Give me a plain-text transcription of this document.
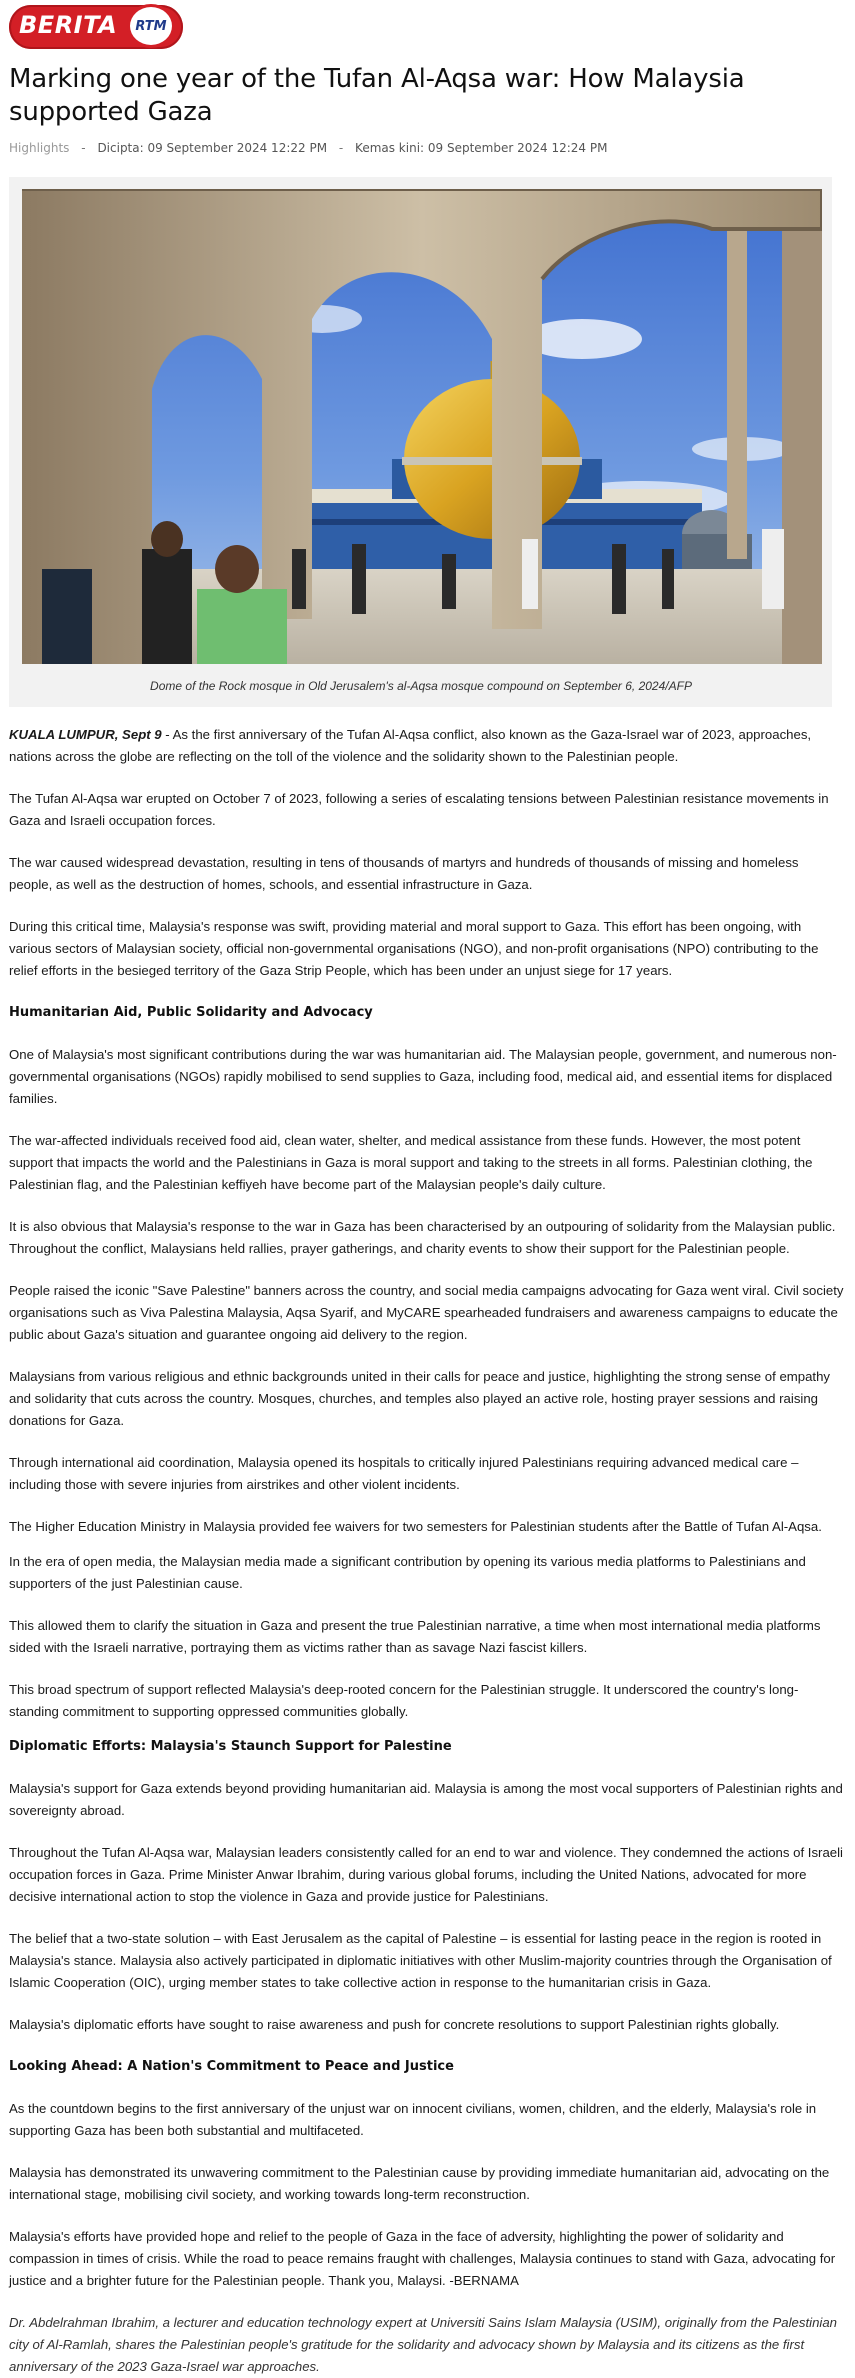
BERITA RTM
Marking one year of the Tufan Al-Aqsa war: How Malaysia supported Gaza
Highlights - Dicipta: 09 September 2024 12:22 PM - Kemas kini: 09 September 2024 12:24 PM
Dome of the Rock mosque in Old Jerusalem's al-Aqsa mosque compound on September 6, 2024/AFP

KUALA LUMPUR, Sept 9 - As the first anniversary of the Tufan Al-Aqsa conflict, also known as the Gaza-Israel war of 2023, approaches, nations across the globe are reflecting on the toll of the violence and the solidarity shown to the Palestinian people.

The Tufan Al-Aqsa war erupted on October 7 of 2023, following a series of escalating tensions between Palestinian resistance movements in Gaza and Israeli occupation forces.

The war caused widespread devastation, resulting in tens of thousands of martyrs and hundreds of thousands of missing and homeless people, as well as the destruction of homes, schools, and essential infrastructure in Gaza.

During this critical time, Malaysia's response was swift, providing material and moral support to Gaza. This effort has been ongoing, with various sectors of Malaysian society, official non-governmental organisations (NGO), and non-profit organisations (NPO) contributing to the relief efforts in the besieged territory of the Gaza Strip People, which has been under an unjust siege for 17 years.

Humanitarian Aid, Public Solidarity and Advocacy

One of Malaysia's most significant contributions during the war was humanitarian aid. The Malaysian people, government, and numerous non-governmental organisations (NGOs) rapidly mobilised to send supplies to Gaza, including food, medical aid, and essential items for displaced families.

The war-affected individuals received food aid, clean water, shelter, and medical assistance from these funds. However, the most potent support that impacts the world and the Palestinians in Gaza is moral support and taking to the streets in all forms. Palestinian clothing, the Palestinian flag, and the Palestinian keffiyeh have become part of the Malaysian people's daily culture.

It is also obvious that Malaysia's response to the war in Gaza has been characterised by an outpouring of solidarity from the Malaysian public. Throughout the conflict, Malaysians held rallies, prayer gatherings, and charity events to show their support for the Palestinian people.

People raised the iconic "Save Palestine" banners across the country, and social media campaigns advocating for Gaza went viral. Civil society organisations such as Viva Palestina Malaysia, Aqsa Syarif, and MyCARE spearheaded fundraisers and awareness campaigns to educate the public about Gaza's situation and guarantee ongoing aid delivery to the region.

Malaysians from various religious and ethnic backgrounds united in their calls for peace and justice, highlighting the strong sense of empathy and solidarity that cuts across the country. Mosques, churches, and temples also played an active role, hosting prayer sessions and raising donations for Gaza.

Through international aid coordination, Malaysia opened its hospitals to critically injured Palestinians requiring advanced medical care – including those with severe injuries from airstrikes and other violent incidents.

The Higher Education Ministry in Malaysia provided fee waivers for two semesters for Palestinian students after the Battle of Tufan Al-Aqsa.

In the era of open media, the Malaysian media made a significant contribution by opening its various media platforms to Palestinians and supporters of the just Palestinian cause.

This allowed them to clarify the situation in Gaza and present the true Palestinian narrative, a time when most international media platforms sided with the Israeli narrative, portraying them as victims rather than as savage Nazi fascist killers.

This broad spectrum of support reflected Malaysia's deep-rooted concern for the Palestinian struggle. It underscored the country's long-standing commitment to supporting oppressed communities globally.

Diplomatic Efforts: Malaysia's Staunch Support for Palestine

Malaysia's support for Gaza extends beyond providing humanitarian aid. Malaysia is among the most vocal supporters of Palestinian rights and sovereignty abroad.

Throughout the Tufan Al-Aqsa war, Malaysian leaders consistently called for an end to war and violence. They condemned the actions of Israeli occupation forces in Gaza. Prime Minister Anwar Ibrahim, during various global forums, including the United Nations, advocated for more decisive international action to stop the violence in Gaza and provide justice for Palestinians.

The belief that a two-state solution – with East Jerusalem as the capital of Palestine – is essential for lasting peace in the region is rooted in Malaysia's stance. Malaysia also actively participated in diplomatic initiatives with other Muslim-majority countries through the Organisation of Islamic Cooperation (OIC), urging member states to take collective action in response to the humanitarian crisis in Gaza.

Malaysia's diplomatic efforts have sought to raise awareness and push for concrete resolutions to support Palestinian rights globally.

Looking Ahead: A Nation's Commitment to Peace and Justice

As the countdown begins to the first anniversary of the unjust war on innocent civilians, women, children, and the elderly, Malaysia's role in supporting Gaza has been both substantial and multifaceted.

Malaysia has demonstrated its unwavering commitment to the Palestinian cause by providing immediate humanitarian aid, advocating on the international stage, mobilising civil society, and working towards long-term reconstruction.

Malaysia's efforts have provided hope and relief to the people of Gaza in the face of adversity, highlighting the power of solidarity and compassion in times of crisis. While the road to peace remains fraught with challenges, Malaysia continues to stand with Gaza, advocating for justice and a brighter future for the Palestinian people. Thank you, Malaysi. -BERNAMA

Dr. Abdelrahman Ibrahim, a lecturer and education technology expert at Universiti Sains Islam Malaysia (USIM), originally from the Palestinian city of Al-Ramlah, shares the Palestinian people's gratitude for the solidarity and advocacy shown by Malaysia and its citizens as the first anniversary of the 2023 Gaza-Israel war approaches.
